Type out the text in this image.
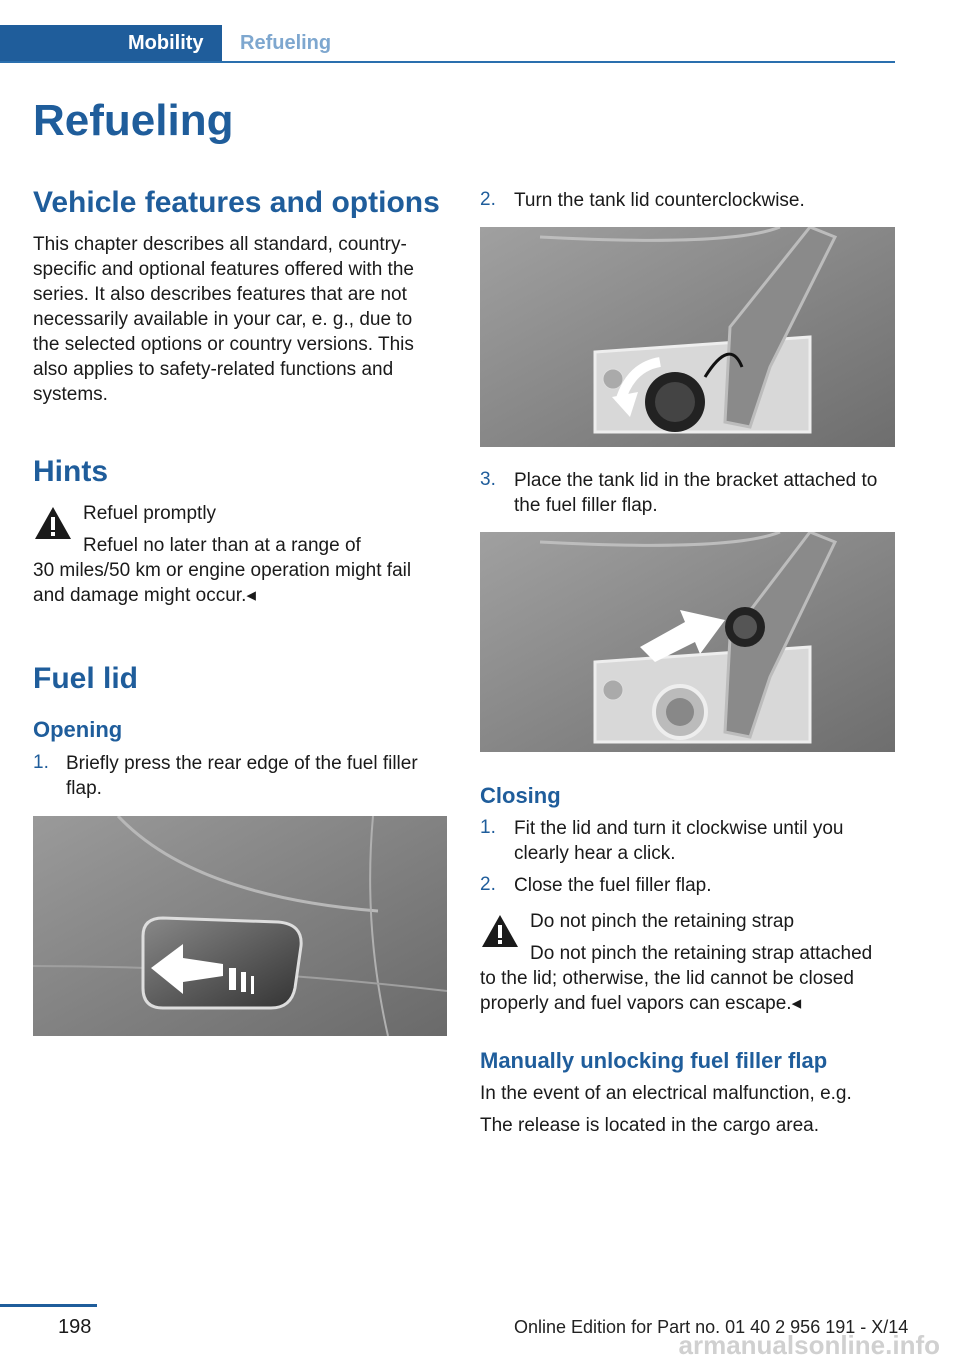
Mobility	Refueling
Refueling
Vehicle features and options

This chapter describes all standard, country-specific and optional features offered with the series. It also describes features that are not necessarily available in your car, e. g., due to the selected options or country versions. This also applies to safety-related functions and systems.

Hints

Refuel promptly

Refuel no later than at a range of

30 miles/50 km or engine operation might fail and damage might occur.◂

Fuel lid
Opening
1. Briefly press the rear edge of the fuel filler flap.

2. Turn the tank lid counterclockwise.

3. Place the tank lid in the bracket attached to the fuel filler flap.

Closing
1. Fit the lid and turn it clockwise until you clearly hear a click.

2. Close the fuel filler flap.

Do not pinch the retaining strap

Do not pinch the retaining strap attached

to the lid; otherwise, the lid cannot be closed properly and fuel vapors can escape.◂

Manually unlocking fuel filler flap

In the event of an electrical malfunction, e.g.

The release is located in the cargo area.

198	Online Edition for Part no. 01 40 2 956 191 - X/14
armanualsonline.info
